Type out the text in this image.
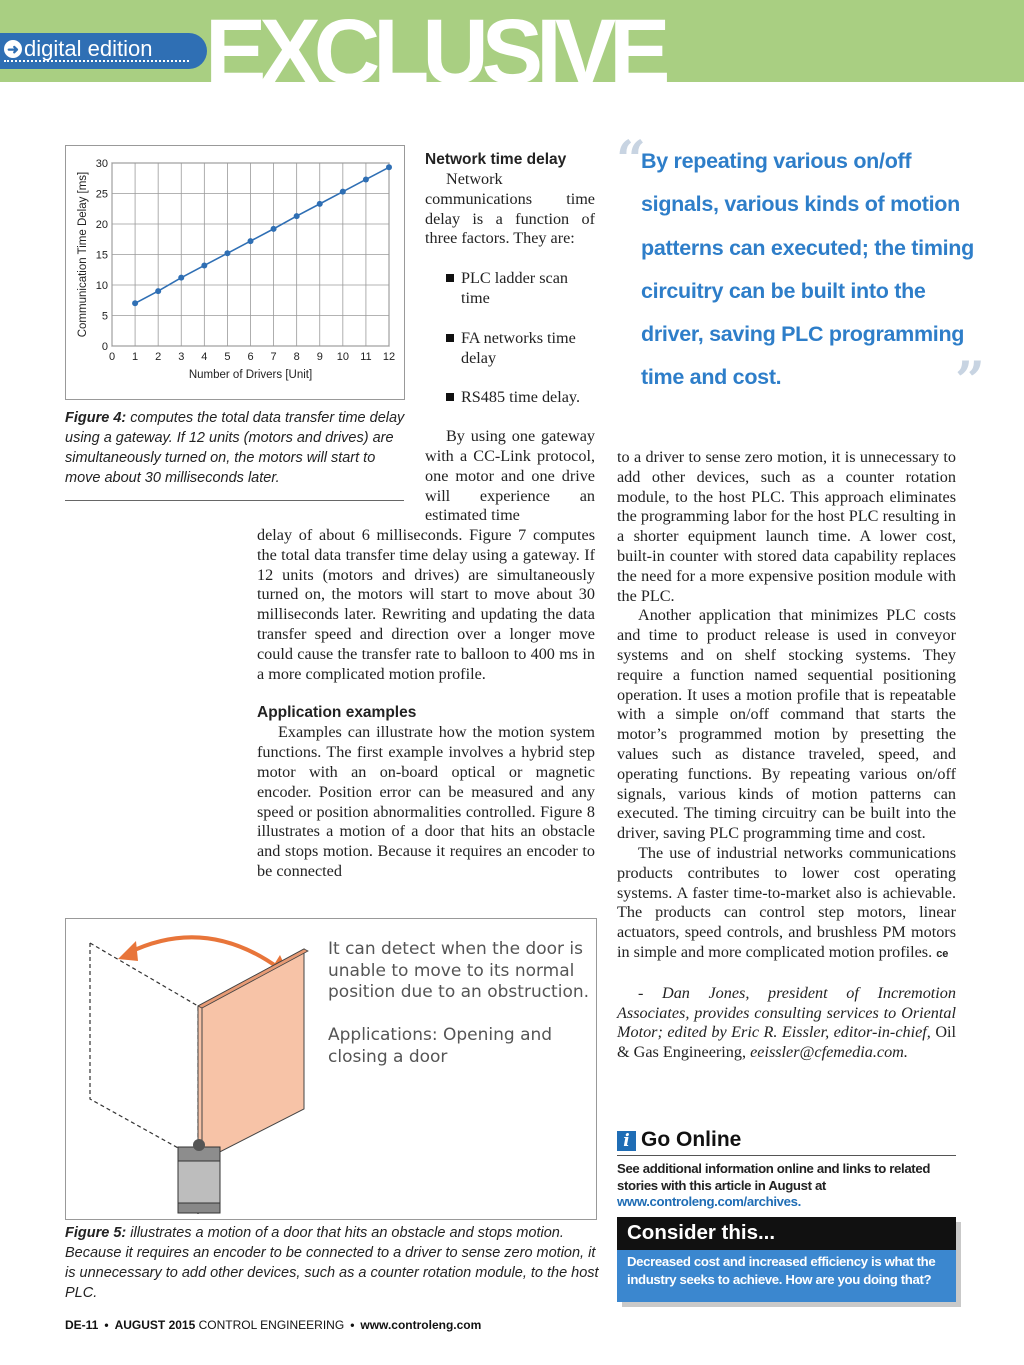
➜ digital edition EXCLUSIVE
0 1 2 3 4 5 6 7 8 9 10 11 12
0
5
10
15
20
25
30
Number of Drivers [Unit]
Communication Time Delay [ms]
Figure 4: computes the total data transfer time delay using a gateway. If 12 units (motors and drives) are simultaneously turned on, the motors will start to move about 30 milliseconds later.
Network time delay

Network communications time delay is a function of three factors. They are:

PLC ladder scan time
FA networks time delay
RS485 time delay.

By using one gateway with a CC-Link protocol, one motor and one drive will experience an estimated time

delay of about 6 milliseconds. Figure 7 computes the total data transfer time delay using a gateway. If 12 units (motors and drives) are simultaneously turned on, the motors will start to move about 30 milliseconds later. Rewriting and updating the data transfer speed and direction over a longer move could cause the transfer rate to balloon to 400 ms in a more complicated motion profile.

Application examples

Examples can illustrate how the motion system functions. The first example involves a hybrid step motor with an on-board optical or magnetic encoder. Position error can be measured and any speed or position abnormalities controlled. Figure 8 illustrates a motion of a door that hits an obstacle and stops motion. Because it requires an encoder to be connected

“
By repeating various on/off signals, various kinds of motion patterns can executed; the timing circuitry can be built into the driver, saving PLC programming time and cost.	”

to a driver to sense zero motion, it is unnecessary to add other devices, such as a counter rotation module, to the host PLC. This approach eliminates the programming labor for the host PLC resulting in a shorter equipment launch time. A lower cost, built-in counter with stored data capability replaces the need for a more expensive position module with the PLC.

Another application that minimizes PLC costs and time to product release is used in conveyor systems and on shelf stocking systems. They require a function named sequential positioning operation. It uses a motion profile that is repeatable with a simple on/off command that starts the motor’s programmed motion by presetting the values such as distance traveled, speed, and operating functions. By repeating various on/off signals, various kinds of motion patterns can executed. The timing circuitry can be built into the driver, saving PLC programming time and cost.

The use of industrial networks communications products contributes to lower cost operating systems. A faster time-to-market also is achievable. The products can control step motors, linear actuators, speed controls, and brushless PM motors in simple and more complicated motion profiles. ce

- Dan Jones, president of Incremotion Associates, provides consulting services to Oriental Motor; edited by Eric R. Eissler, editor-in-chief, Oil & Gas Engineering, eeissler@cfemedia.com.

It can detect when the door is unable to move to its normal position due to an obstruction.
Applications: Opening and closing a door
Figure 5: illustrates a motion of a door that hits an obstacle and stops motion. Because it requires an encoder to be connected to a driver to sense zero motion, it is unnecessary to add other devices, such as a counter rotation module, to the host PLC.
i Go Online
See additional information online and links to related stories with this article in August at www.controleng.com/archives.
Consider this...
Decreased cost and increased efficiency is what the industry seeks to achieve. How are you doing that?
DE-11 • AUGUST 2015 CONTROL ENGINEERING • www.controleng.com
